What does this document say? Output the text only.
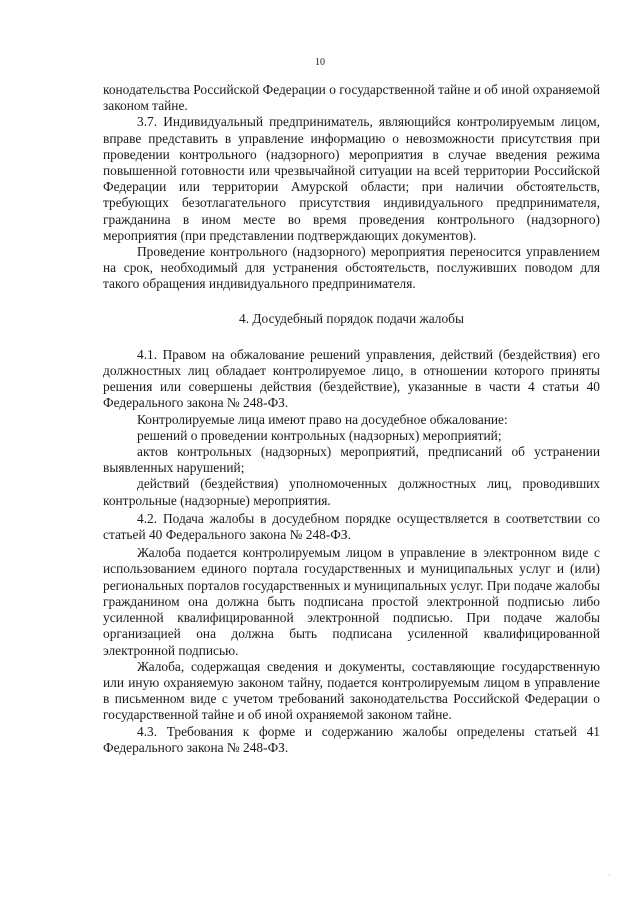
10

конодательства Российской Федерации о государственной тайне и об иной охраняемой законом тайне.

3.7. Индивидуальный предприниматель, являющийся контролируемым лицом, вправе представить в управление информацию о невозможности присутствия при проведении контрольного (надзорного) мероприятия в случае введения режима повышенной готовности или чрезвычайной ситуации на всей территории Российской Федерации или территории Амурской области; при наличии обстоятельств, требующих безотлагательного присутствия индивидуального предпринимателя, гражданина в ином месте во время проведения контрольного (надзорного) мероприятия (при представлении подтверждающих документов).

Проведение контрольного (надзорного) мероприятия переносится управлением на срок, необходимый для устранения обстоятельств, послуживших поводом для такого обращения индивидуального предпринимателя.

4. Досудебный порядок подачи жалобы

4.1. Правом на обжалование решений управления, действий (бездействия) его должностных лиц обладает контролируемое лицо, в отношении которого приняты решения или совершены действия (бездействие), указанные в части 4 статьи 40 Федерального закона № 248-ФЗ.

Контролируемые лица имеют право на досудебное обжалование:

решений о проведении контрольных (надзорных) мероприятий;

актов контрольных (надзорных) мероприятий, предписаний об устранении выявленных нарушений;

действий (бездействия) уполномоченных должностных лиц, проводивших контрольные (надзорные) мероприятия.

4.2. Подача жалобы в досудебном порядке осуществляется в соответствии со статьей 40 Федерального закона № 248-ФЗ.

Жалоба подается контролируемым лицом в управление в электронном виде с использованием единого портала государственных и муниципальных услуг и (или) региональных порталов государственных и муниципальных услуг. При подаче жалобы гражданином она должна быть подписана простой электронной подписью либо усиленной квалифицированной электронной подписью. При подаче жалобы организацией она должна быть подписана усиленной квалифицированной электронной подписью.

Жалоба, содержащая сведения и документы, составляющие государственную или иную охраняемую законом тайну, подается контролируемым лицом в управление в письменном виде с учетом требований законодательства Российской Федерации о государственной тайне и об иной охраняемой законом тайне.

4.3. Требования к форме и содержанию жалобы определены статьей 41 Федерального закона № 248-ФЗ.

·
